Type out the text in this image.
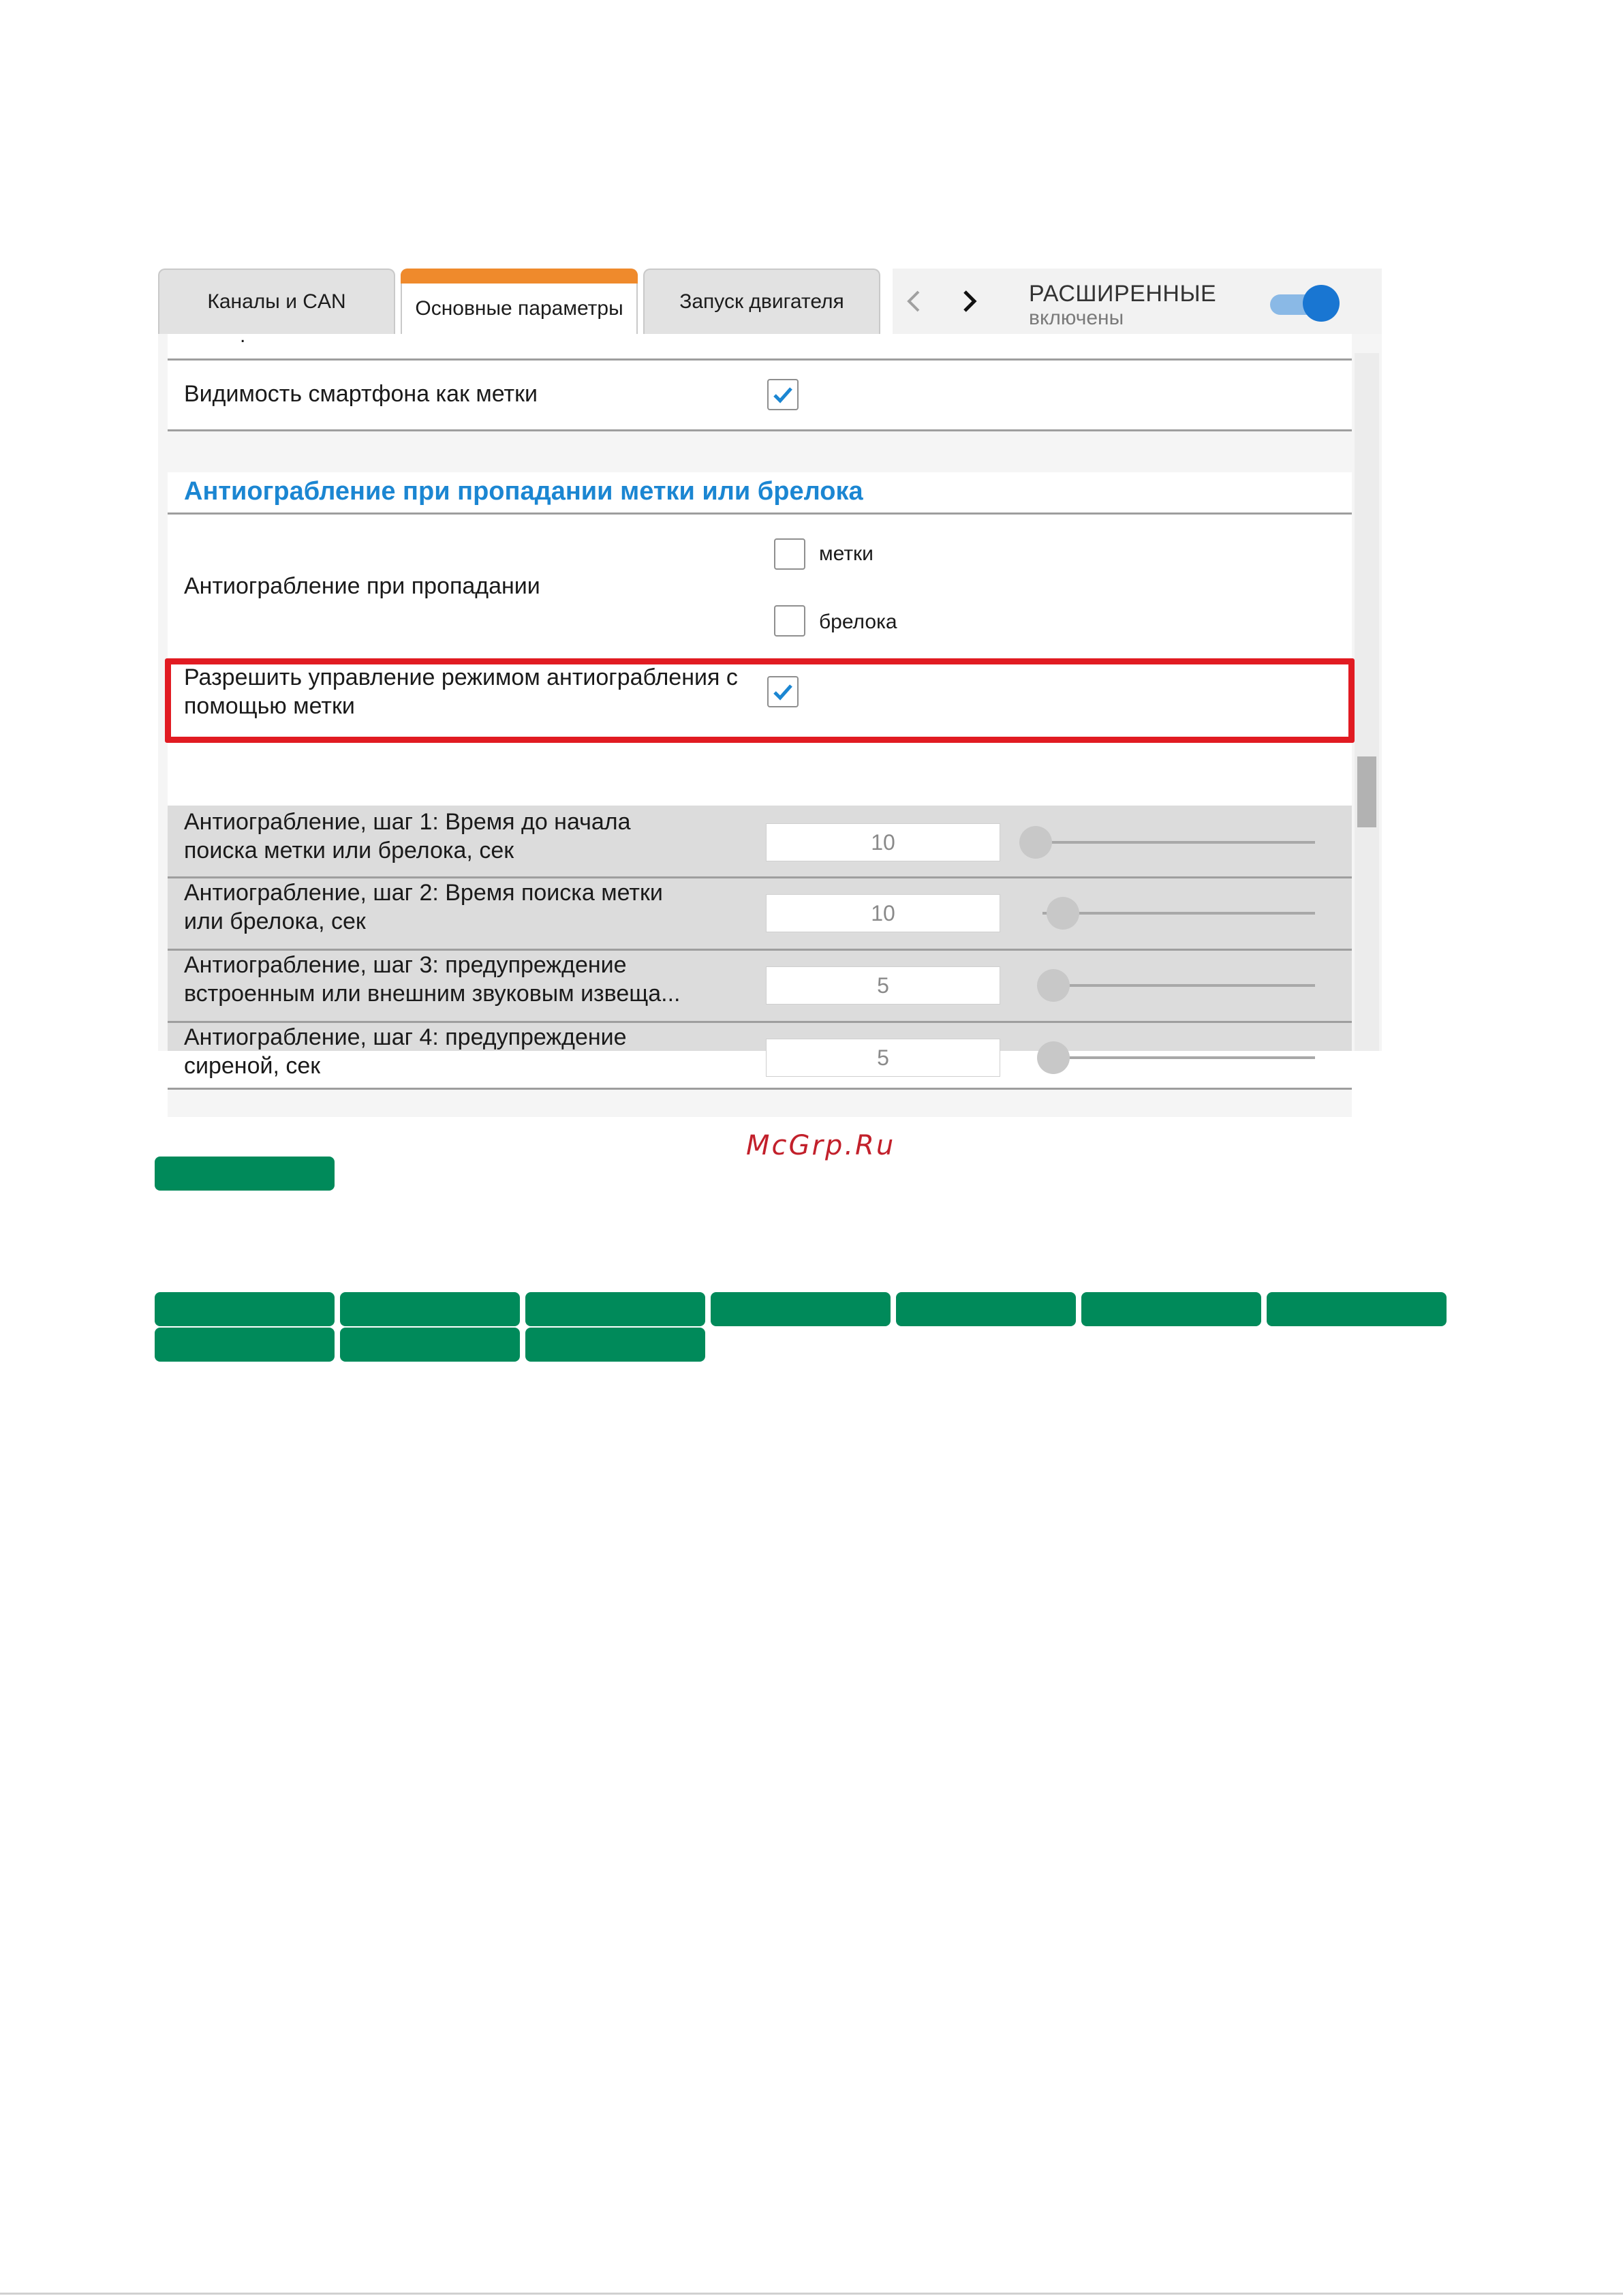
Каналы и CAN	Основные параметры	Запуск двигателя	РАСШИРЕННЫЕ
включены
.
Видимость смартфона как метки
Антиограбление при пропадании метки или брелока
Антиограбление при пропадании
метки
брелока
Разрешить управление режимом антиограбления с
помощью метки
Антиограбление, шаг 1: Время до начала
поиска метки или брелока, сек	10
Антиограбление, шаг 2: Время поиска метки
или брелока, сек	10
Антиограбление, шаг 3: предупреждение
встроенным или внешним звуковым извеща...	5
Антиограбление, шаг 4: предупреждение
сиреной, сек	5
McGrp.Ru
